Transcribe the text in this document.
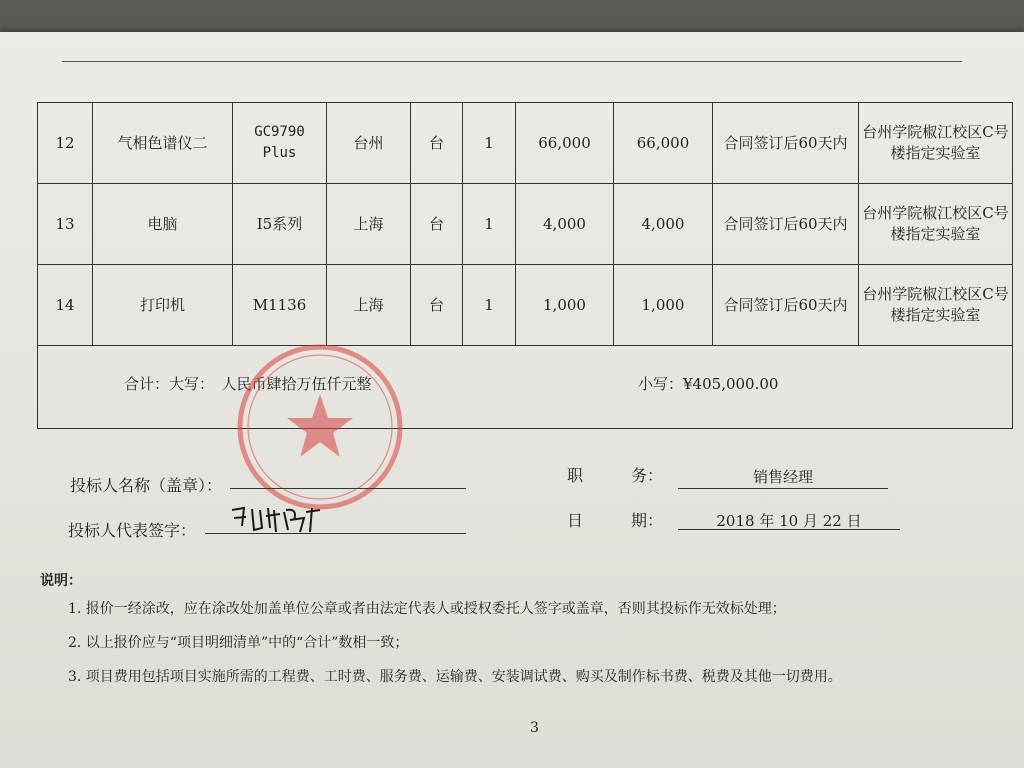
12	气相色谱仪二	GC9790 Plus	台州	台	1	66,000	66,000	合同签订后60天内	台州学院椒江校区C号楼指定实验室
13	电脑	I5系列	上海	台	1	4,000	4,000	合同签订后60天内	台州学院椒江校区C号楼指定实验室
14	打印机	M1136	上海	台	1	1,000	1,000	合同签订后60天内	台州学院椒江校区C号楼指定实验室

合计：大写：　 人民币肆拾万伍仟元整 小写：¥405,000.00									
投标人名称（盖章）：
投标人代表签字：
职　　　务：	销售经理
日　　　期：	2018 年 10 月 22 日
说明：
1. 报价一经涂改，应在涂改处加盖单位公章或者由法定代表人或授权委托人签字或盖章，否则其投标作无效标处理；
2. 以上报价应与“项目明细清单”中的“合计”数相一致；
3. 项目费用包括项目实施所需的工程费、工时费、服务费、运输费、安装调试费、购买及制作标书费、税费及其他一切费用。
3
